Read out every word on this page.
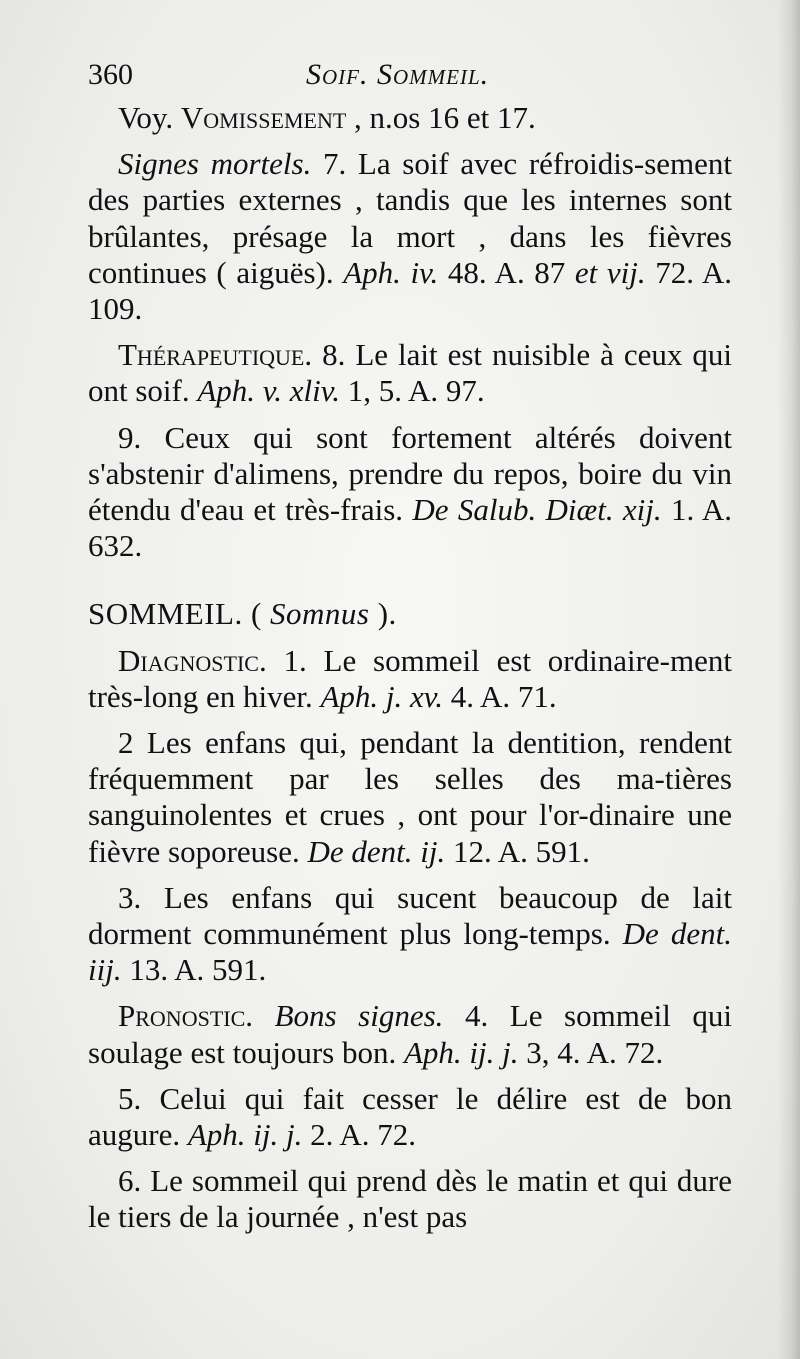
360	Soif. Sommeil.
Voy. Vomissement , n.os 16 et 17.
Signes mortels. 7. La soif avec réfroidis-sement des parties externes , tandis que les internes sont brûlantes, présage la mort , dans les fièvres continues ( aiguës). Aph. iv. 48. A. 87 et vij. 72. A. 109.
Thérapeutique. 8. Le lait est nuisible à ceux qui ont soif. Aph. v. xliv. 1, 5. A. 97.
9. Ceux qui sont fortement altérés doivent s'abstenir d'alimens, prendre du repos, boire du vin étendu d'eau et très-frais. De Salub. Diæt. xij. 1. A. 632.
SOMMEIL. ( Somnus ).
Diagnostic. 1. Le sommeil est ordinaire-ment très-long en hiver. Aph. j. xv. 4. A. 71.
2 Les enfans qui, pendant la dentition, rendent fréquemment par les selles des ma-tières sanguinolentes et crues , ont pour l'or-dinaire une fièvre soporeuse. De dent. ij. 12. A. 591.
3. Les enfans qui sucent beaucoup de lait dorment communément plus long-temps. De dent. iij. 13. A. 591.
Pronostic. Bons signes. 4. Le sommeil qui soulage est toujours bon. Aph. ij. j. 3, 4. A. 72.
5. Celui qui fait cesser le délire est de bon augure. Aph. ij. j. 2. A. 72.
6. Le sommeil qui prend dès le matin et qui dure le tiers de la journée , n'est pas
